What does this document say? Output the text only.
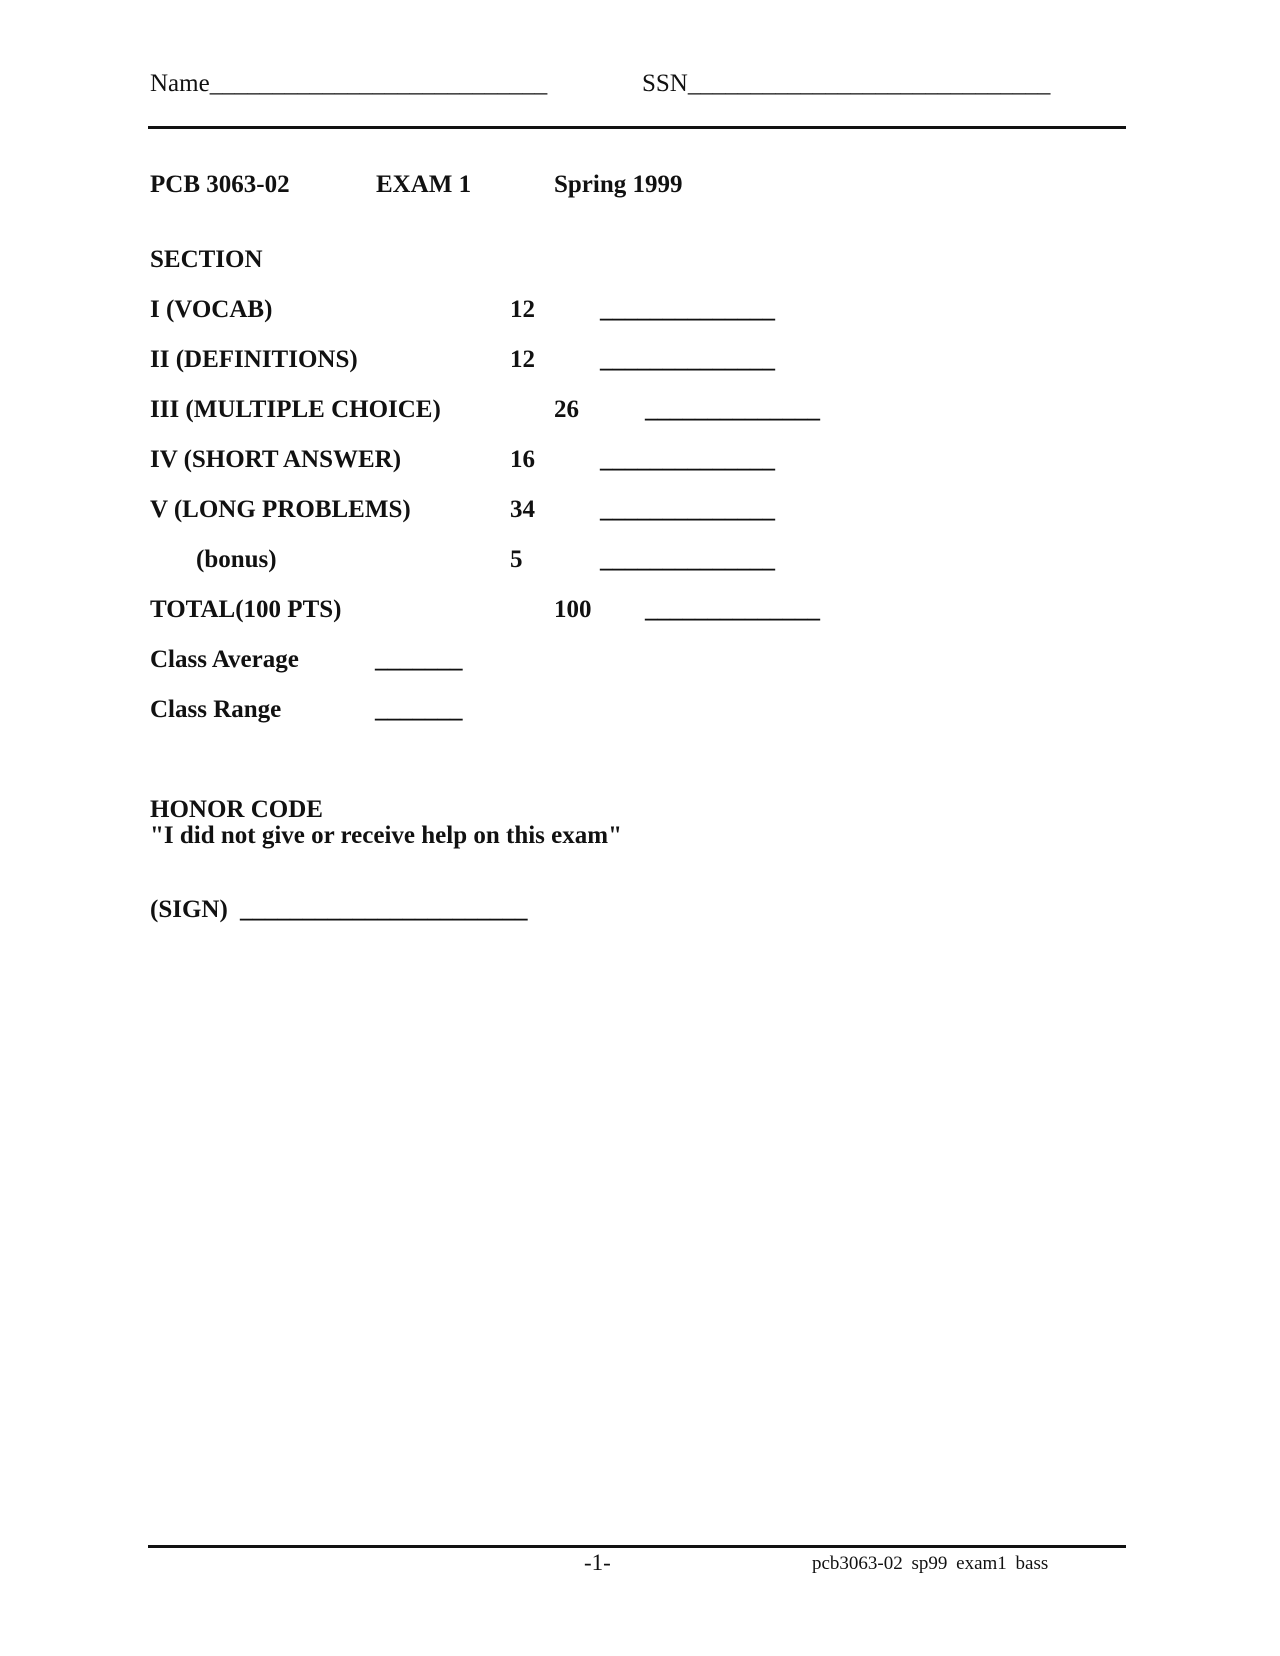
Name___________________________	SSN_____________________________
PCB 3063-02	EXAM 1	Spring 1999
SECTION
I (VOCAB)	12	______________
II (DEFINITIONS)	12	______________
III (MULTIPLE CHOICE)	26	______________
IV (SHORT ANSWER)	16	______________
V (LONG PROBLEMS)	34	______________
(bonus)	5	______________
TOTAL(100 PTS)	100 ______________
Class Average	_______
Class Range	_______
HONOR CODE
"I did not give or receive help on this exam"
(SIGN) _______________________
-1-	pcb3063-02 sp99 exam1 bass
